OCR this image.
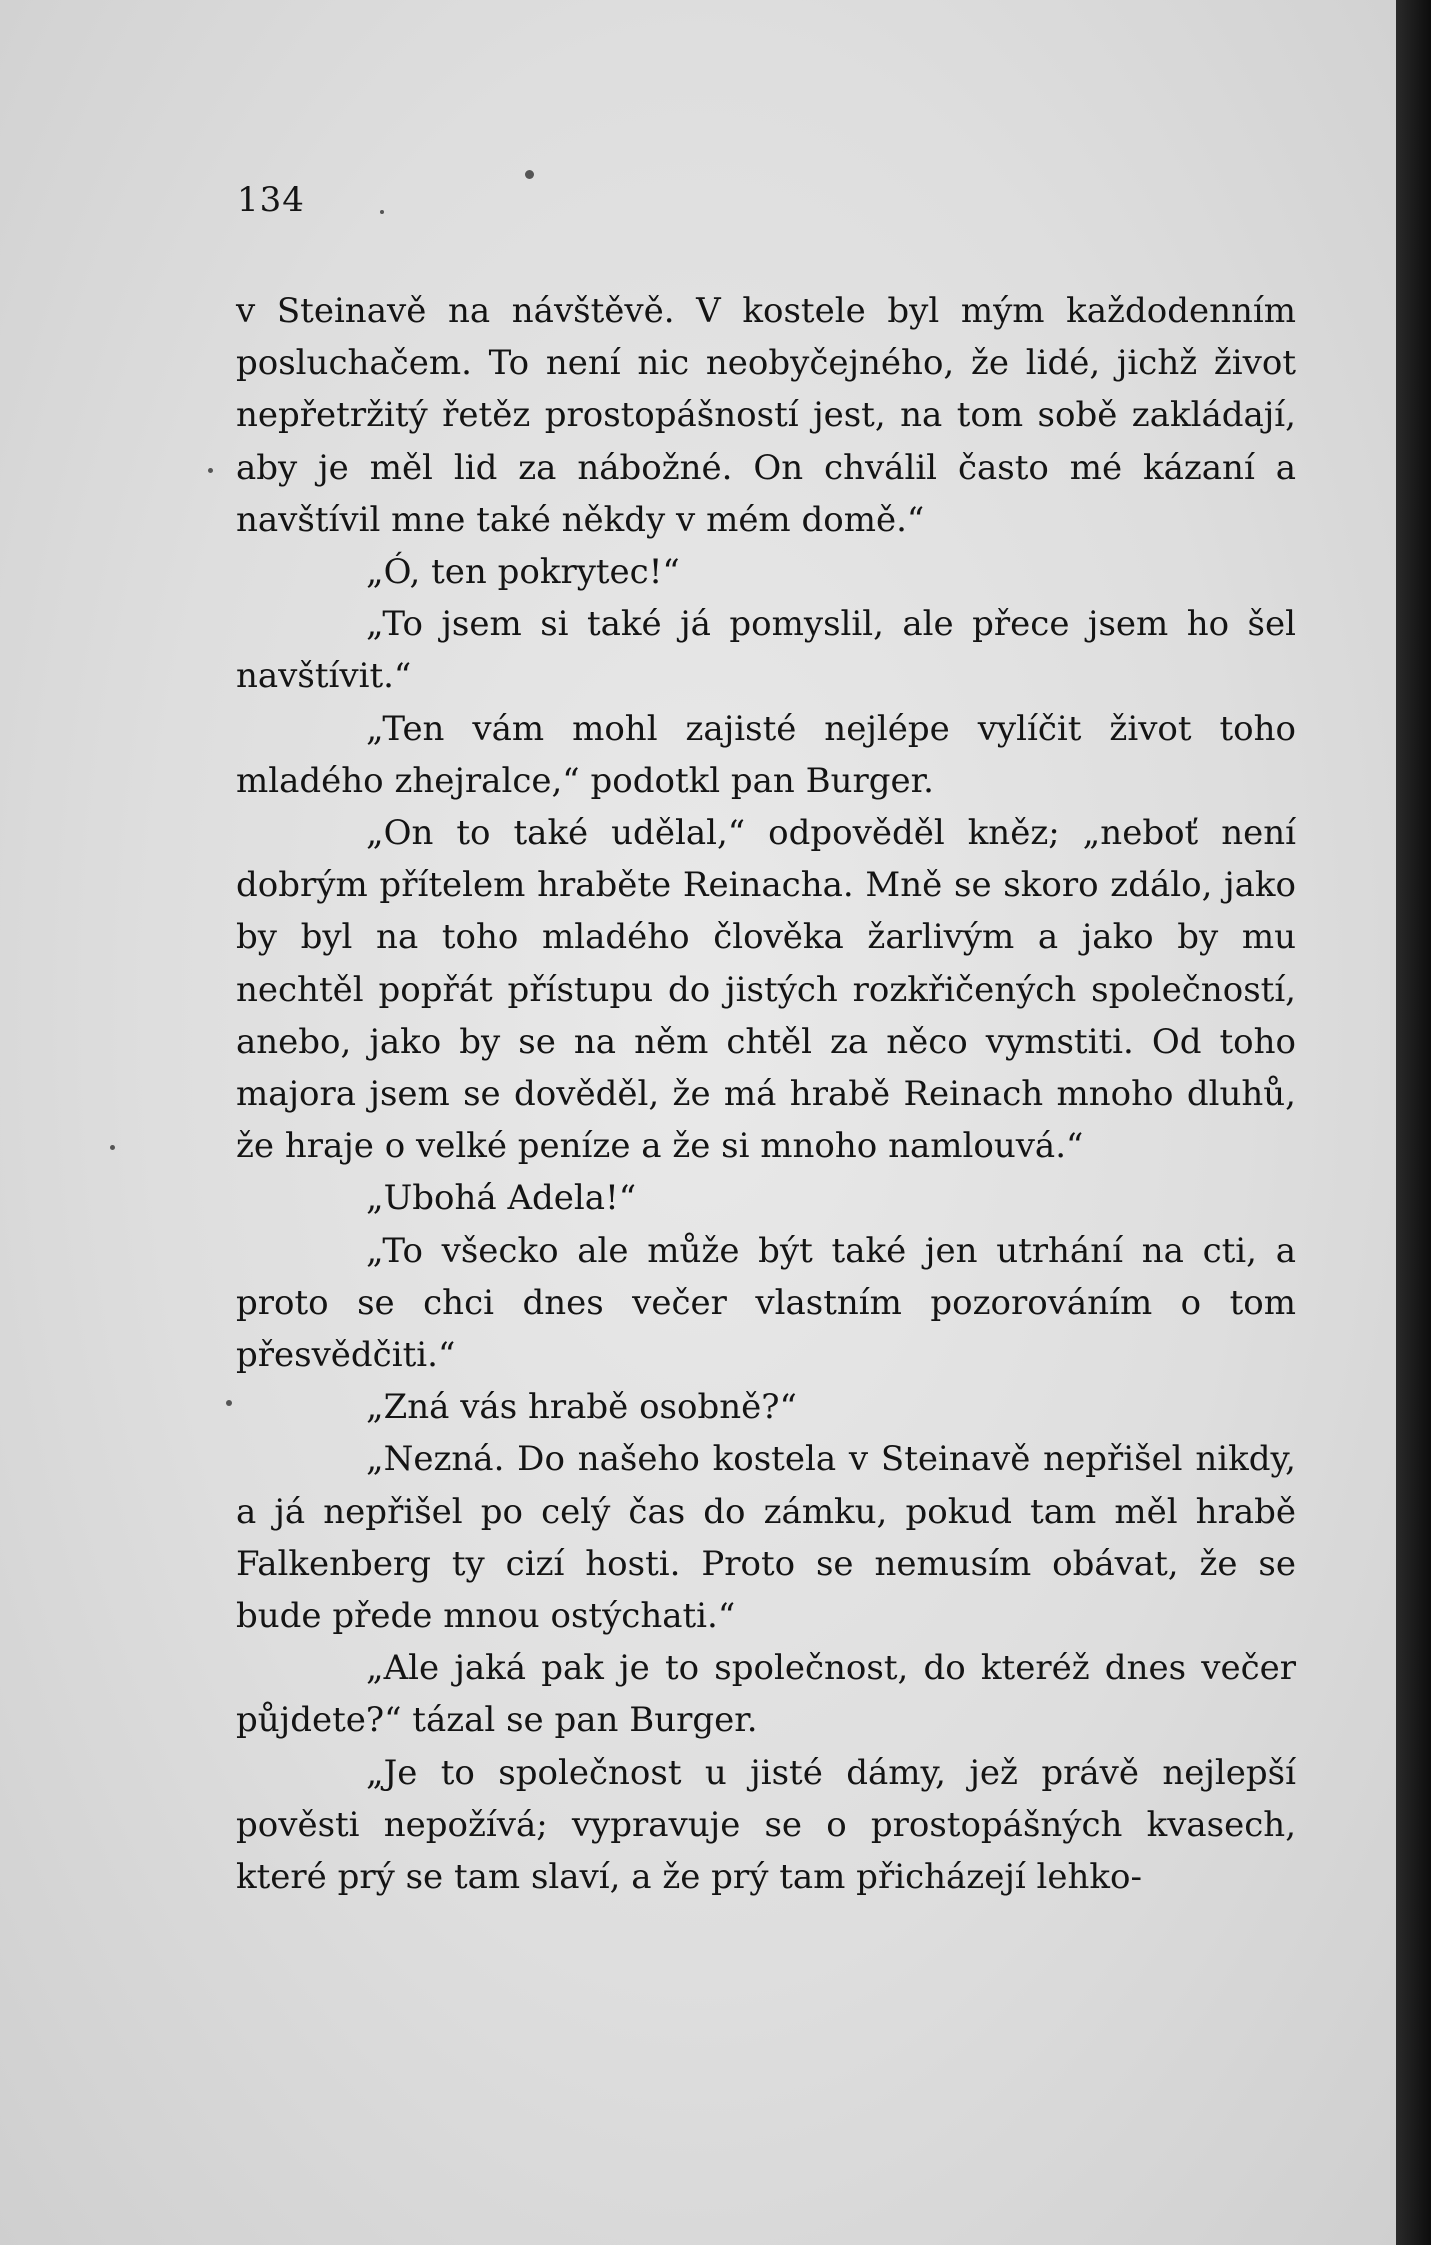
134

v Steinavě na návštěvě. V kostele byl mým každodenním posluchačem. To není nic neobyčejného, že lidé, jichž život nepřetržitý řetěz prostopášností jest, na tom sobě zakládají, aby je měl lid za nábožné. On chválil často mé kázaní a navštívil mne také někdy v mém domě.“

„Ó, ten pokrytec!“

„To jsem si také já pomyslil, ale přece jsem ho šel navštívit.“

„Ten vám mohl zajisté nejlépe vylíčit život toho mladého zhejralce,“ podotkl pan Burger.

„On to také udělal,“ odpověděl kněz; „neboť není dobrým přítelem hraběte Reinacha. Mně se skoro zdálo, jako by byl na toho mladého člověka žarlivým a jako by mu nechtěl popřát přístupu do jistých rozkřičených společností, anebo, jako by se na něm chtěl za něco vymstiti. Od toho majora jsem se dověděl, že má hrabě Reinach mnoho dluhů, že hraje o velké peníze a že si mnoho namlouvá.“

„Ubohá Adela!“

„To všecko ale může být také jen utrhání na cti, a proto se chci dnes večer vlastním pozorováním o tom přesvědčiti.“

„Zná vás hrabě osobně?“

„Nezná. Do našeho kostela v Steinavě nepřišel nikdy, a já nepřišel po celý čas do zámku, pokud tam měl hrabě Falkenberg ty cizí hosti. Proto se nemusím obávat, že se bude přede mnou ostýchati.“

„Ale jaká pak je to společnost, do kteréž dnes večer půjdete?“ tázal se pan Burger.

„Je to společnost u jisté dámy, jež právě nejlepší pověsti nepožívá; vypravuje se o prostopášných kvasech, které prý se tam slaví, a že prý tam přicházejí lehko-
